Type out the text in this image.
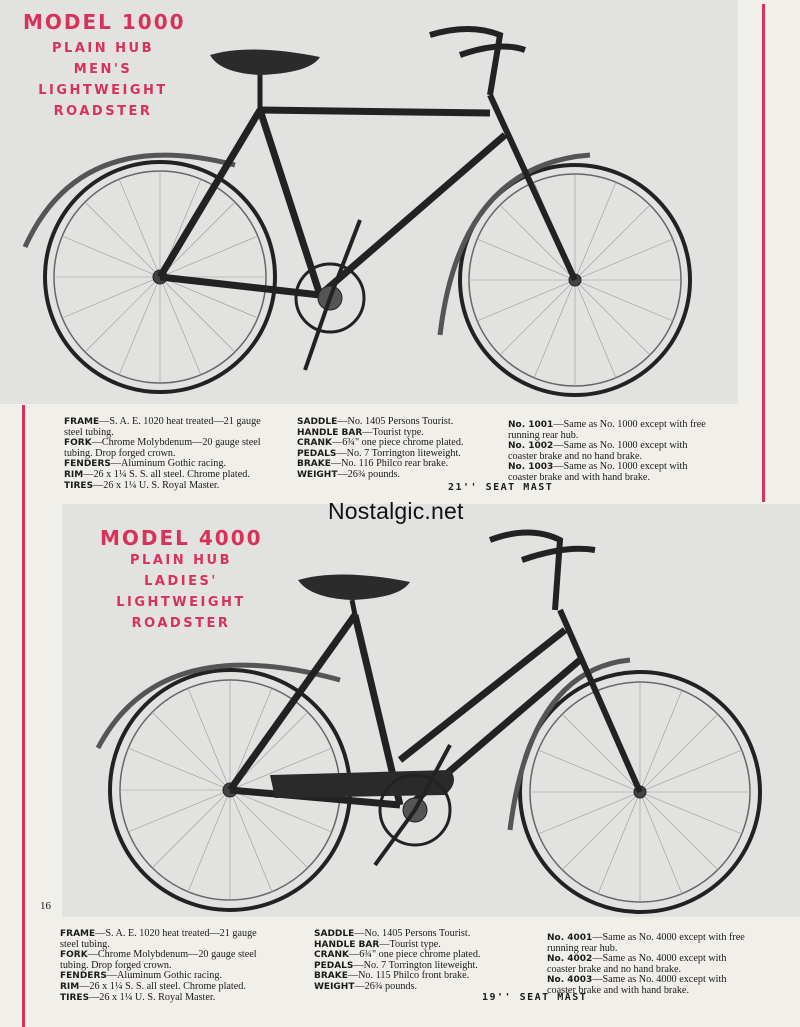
MODEL 1000
PLAIN HUB
MEN'S
LIGHTWEIGHT
ROADSTER
FRAME—S. A. E. 1020 heat treated—21 gauge
steel tubing.
FORK—Chrome Molybdenum—20 gauge steel
tubing. Drop forged crown.
FENDERS—Aluminum Gothic racing.
RIM—26 x 1¼ S. S. all steel. Chrome plated.
TIRES—26 x 1¼ U. S. Royal Master.
SADDLE—No. 1405 Persons Tourist.
HANDLE BAR—Tourist type.
CRANK—6¾" one piece chrome plated.
PEDALS—No. 7 Torrington liteweight.
BRAKE—No. 116 Philco rear brake.
WEIGHT—26¾ pounds.
No. 1001—Same as No. 1000 except with free
running rear hub.
No. 1002—Same as No. 1000 except with
coaster brake and no hand brake.
No. 1003—Same as No. 1000 except with
coaster brake and with hand brake.
21'' SEAT MAST
Nostalgic.net
MODEL 4000
PLAIN HUB
LADIES'
LIGHTWEIGHT
ROADSTER
16
FRAME—S. A. E. 1020 heat treated—21 gauge
steel tubing.
FORK—Chrome Molybdenum—20 gauge steel
tubing. Drop forged crown.
FENDERS—Aluminum Gothic racing.
RIM—26 x 1¼ S. S. all steel. Chrome plated.
TIRES—26 x 1¼ U. S. Royal Master.
SADDLE—No. 1405 Persons Tourist.
HANDLE BAR—Tourist type.
CRANK—6¾" one piece chrome plated.
PEDALS—No. 7 Torrington liteweight.
BRAKE—No. 115 Philco front brake.
WEIGHT—26¾ pounds.
No. 4001—Same as No. 4000 except with free
running rear hub.
No. 4002—Same as No. 4000 except with
coaster brake and no hand brake.
No. 4003—Same as No. 4000 except with
coaster brake and with hand brake.
19'' SEAT MAST
